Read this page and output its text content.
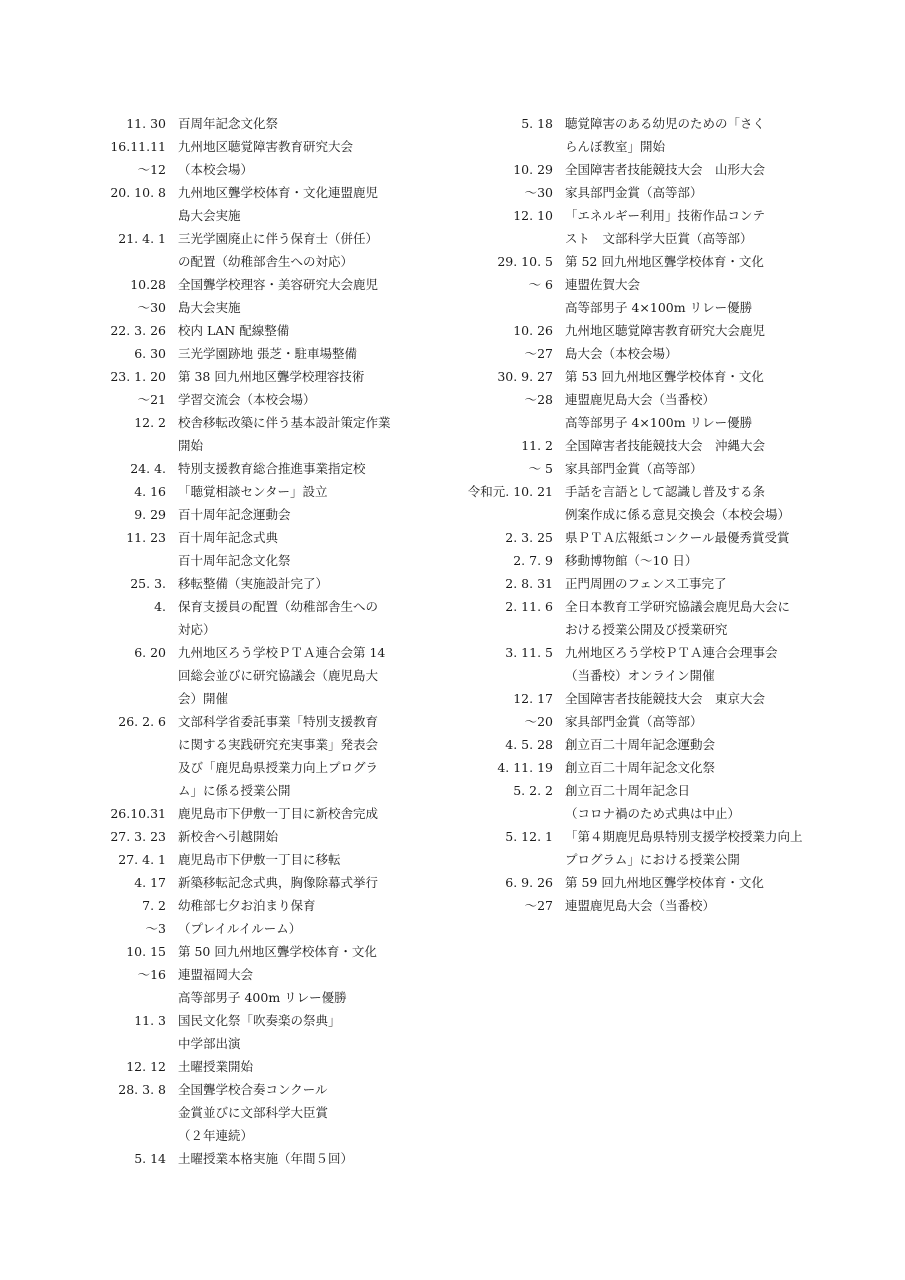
11. 30 百周年記念文化祭
16.11.11 九州地区聴覚障害教育研究大会
～12 （本校会場）
20. 10. 8 九州地区聾学校体育・文化連盟鹿児
島大会実施
21. 4. 1 三光学園廃止に伴う保育士（併任）
の配置（幼稚部舎生への対応）
10.28 全国聾学校理容・美容研究大会鹿児
～30 島大会実施
22. 3. 26 校内 LAN 配線整備
6. 30 三光学園跡地 張芝・駐車場整備
23. 1. 20 第 38 回九州地区聾学校理容技術
～21 学習交流会（本校会場）
12. 2 校舎移転改築に伴う基本設計策定作業
開始
24. 4. 特別支援教育総合推進事業指定校
4. 16 「聴覚相談センター」設立
9. 29 百十周年記念運動会
11. 23 百十周年記念式典
百十周年記念文化祭
25. 3. 移転整備（実施設計完了）
4. 保育支援員の配置（幼稚部舎生への
対応）
6. 20 九州地区ろう学校ＰＴＡ連合会第 14
回総会並びに研究協議会（鹿児島大
会）開催
26. 2. 6 文部科学省委託事業「特別支援教育
に関する実践研究充実事業」発表会
及び「鹿児島県授業力向上プログラ
ム」に係る授業公開
26.10.31 鹿児島市下伊敷一丁目に新校舎完成
27. 3. 23 新校舎へ引越開始
27. 4. 1 鹿児島市下伊敷一丁目に移転
4. 17 新築移転記念式典，胸像除幕式挙行
7. 2 幼稚部七夕お泊まり保育
～3 （プレイルイルーム）
10. 15 第 50 回九州地区聾学校体育・文化
～16 連盟福岡大会
高等部男子 400m リレー優勝
11. 3 国民文化祭「吹奏楽の祭典」
中学部出演
12. 12 土曜授業開始
28. 3. 8 全国聾学校合奏コンクール
金賞並びに文部科学大臣賞
（２年連続）
5. 14 土曜授業本格実施（年間５回）
5. 18 聴覚障害のある幼児のための「さく
らんぼ教室」開始
10. 29 全国障害者技能競技大会　山形大会
～30 家具部門金賞（高等部）
12. 10 「エネルギー利用」技術作品コンテ
スト　文部科学大臣賞（高等部）
29. 10. 5 第 52 回九州地区聾学校体育・文化
～ 6 連盟佐賀大会
高等部男子 4×100m リレー優勝
10. 26 九州地区聴覚障害教育研究大会鹿児
～27 島大会（本校会場）
30. 9. 27 第 53 回九州地区聾学校体育・文化
～28 連盟鹿児島大会（当番校）
高等部男子 4×100m リレー優勝
11. 2 全国障害者技能競技大会　沖縄大会
～ 5 家具部門金賞（高等部）
令和元. 10. 21 手話を言語として認識し普及する条
例案作成に係る意見交換会（本校会場）
2. 3. 25 県ＰＴＡ広報紙コンクール最優秀賞受賞
2. 7. 9 移動博物館（～10 日）
2. 8. 31 正門周囲のフェンス工事完了
2. 11. 6 全日本教育工学研究協議会鹿児島大会に
おける授業公開及び授業研究
3. 11. 5 九州地区ろう学校ＰＴＡ連合会理事会
（当番校）オンライン開催
12. 17 全国障害者技能競技大会　東京大会
～20 家具部門金賞（高等部）
4. 5. 28 創立百二十周年記念運動会
4. 11. 19 創立百二十周年記念文化祭
5. 2. 2 創立百二十周年記念日
（コロナ禍のため式典は中止）
5. 12. 1 「第４期鹿児島県特別支援学校授業力向上
プログラム」における授業公開
6. 9. 26 第 59 回九州地区聾学校体育・文化
～27 連盟鹿児島大会（当番校）
